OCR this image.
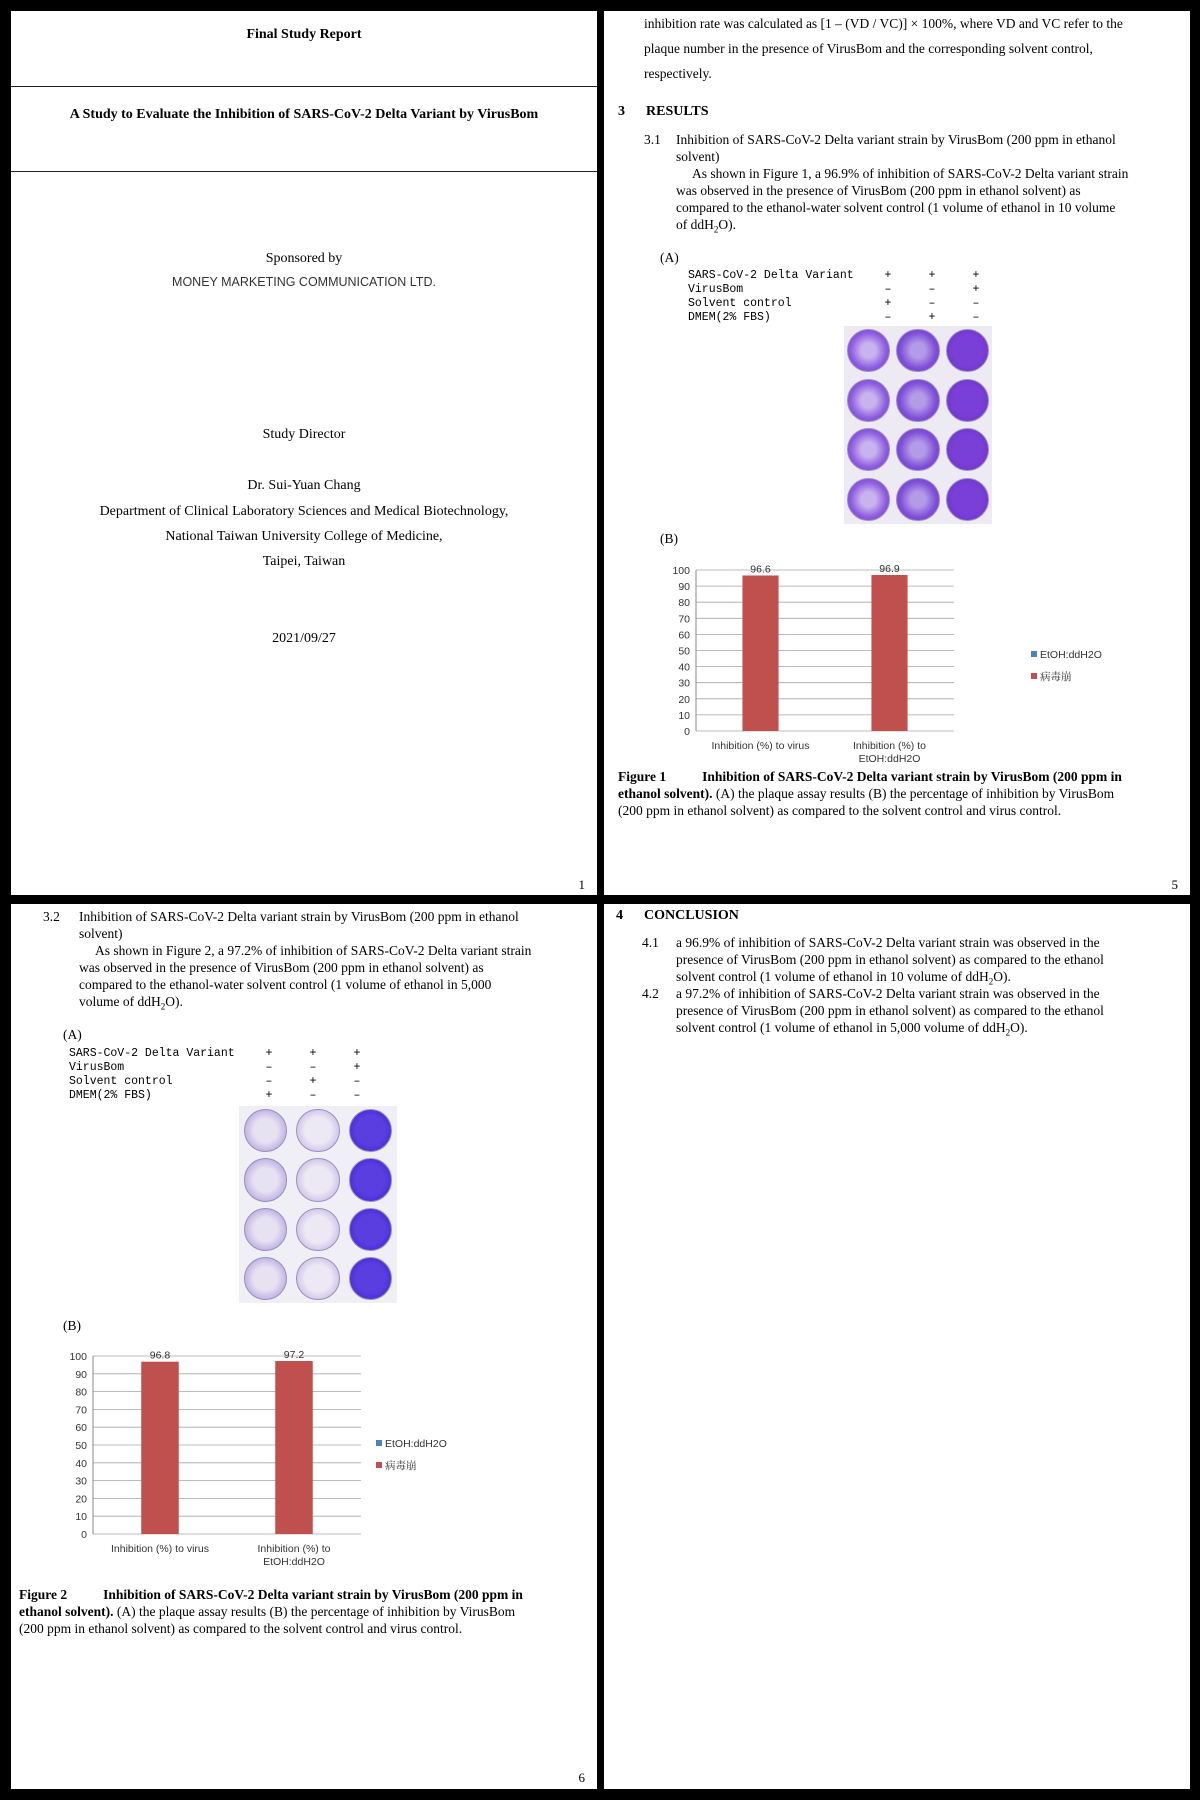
Final Study Report
A Study to Evaluate the Inhibition of SARS-CoV-2 Delta Variant by VirusBom
Sponsored by
MONEY MARKETING COMMUNICATION LTD.
Study Director
Dr. Sui-Yuan Chang
Department of Clinical Laboratory Sciences and Medical Biotechnology,
National Taiwan University College of Medicine,
Taipei, Taiwan
2021/09/27
1
inhibition rate was calculated as [1 – (VD / VC)] × 100%, where VD and VC refer to the
plaque number in the presence of VirusBom and the corresponding solvent control,
respectively.
3 RESULTS
3.1 Inhibition of SARS-CoV-2 Delta variant strain by VirusBom (200 ppm in ethanol
solvent)
As shown in Figure 1, a 96.9% of inhibition of SARS-CoV-2 Delta variant strain
was observed in the presence of VirusBom (200 ppm in ethanol solvent) as
compared to the ethanol-water solvent control (1 volume of ethanol in 10 volume
of ddH$_2$O).
(A)
SARS-CoV-2 Delta Variant	+	+	+
VirusBom	–	–	+
Solvent control	+	–	–
DMEM(2% FBS)	–	+	–
(B)
0
10
20
30
40
50
60
70
80
90
100	96.6
Inhibition (%) to virus
96.9
Inhibition (%) to
EtOH:ddH2O
EtOH:ddH2O
病毒崩
Figure 1	Inhibition of SARS-CoV-2 Delta variant strain by VirusBom (200 ppm in
ethanol solvent). (A) the plaque assay results (B) the percentage of inhibition by VirusBom
(200 ppm in ethanol solvent) as compared to the solvent control and virus control.
5
3.2 Inhibition of SARS-CoV-2 Delta variant strain by VirusBom (200 ppm in ethanol
solvent)
As shown in Figure 2, a 97.2% of inhibition of SARS-CoV-2 Delta variant strain
was observed in the presence of VirusBom (200 ppm in ethanol solvent) as
compared to the ethanol-water solvent control (1 volume of ethanol in 5,000
volume of ddH$_2$O).
(A)
SARS-CoV-2 Delta Variant	+	+	+
VirusBom	–	–	+
Solvent control	–	+	–
DMEM(2% FBS)	+	–	–
(B)
0
10
20
30
40
50
60
70
80
90
100	96.8
Inhibition (%) to virus
97.2
Inhibition (%) to
EtOH:ddH2O
EtOH:ddH2O
病毒崩
Figure 2	Inhibition of SARS-CoV-2 Delta variant strain by VirusBom (200 ppm in
ethanol solvent). (A) the plaque assay results (B) the percentage of inhibition by VirusBom
(200 ppm in ethanol solvent) as compared to the solvent control and virus control.
6
4 CONCLUSION
4.1 a 96.9% of inhibition of SARS-CoV-2 Delta variant strain was observed in the
presence of VirusBom (200 ppm in ethanol solvent) as compared to the ethanol
solvent control (1 volume of ethanol in 10 volume of ddH$_2$O).
4.2 a 97.2% of inhibition of SARS-CoV-2 Delta variant strain was observed in the
presence of VirusBom (200 ppm in ethanol solvent) as compared to the ethanol
solvent control (1 volume of ethanol in 5,000 volume of ddH$_2$O).
